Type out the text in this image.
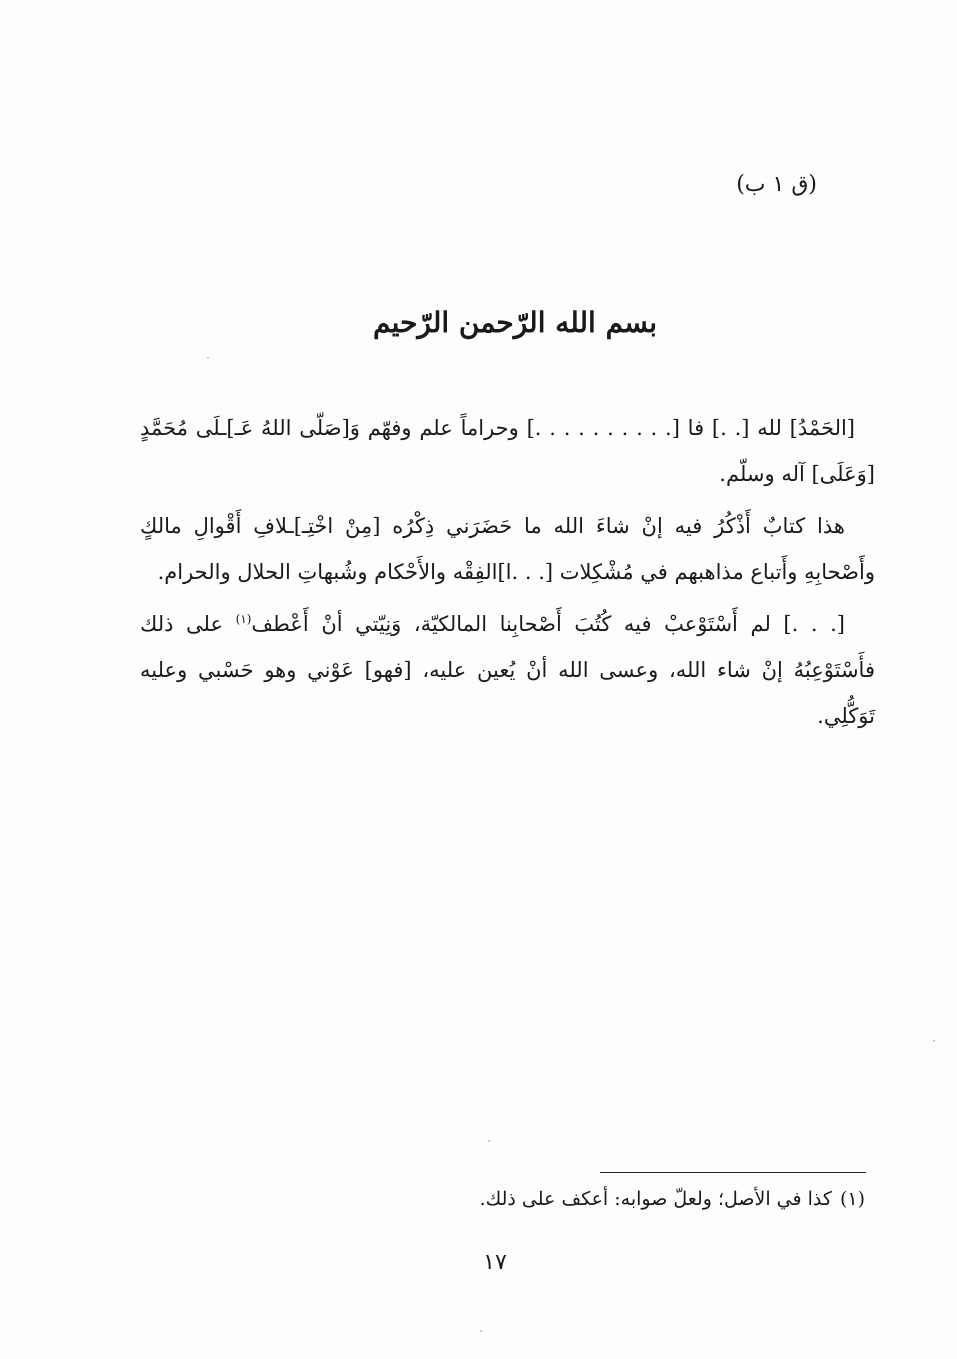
(ق ١ ب)
بسم الله الرّحمن الرّحيم

[الحَمْدُ] لله [. .] فا [. . . . . . . . . .] وحراماً علم وفهّم وَ[صَلّى اللهُ عَـ]ـلَى مُحَمَّدٍ [وَعَلَى] آله وسلّم.

هذا كتابٌ أَذْكُرُ فيه إنْ شاءَ الله ما حَضَرَني ذِكْرُه [مِنْ اخْتِـ]ـلافِ أَقْوالِ مالكٍ وأَصْحابِهِ وأَتباع مذاهبهم في مُشْكِلات [. . .ا]الفِقْه والأَحْكام وشُبهاتِ الحلال والحرام.

[. . .] لم أَسْتَوْعبْ فيه كُتُبَ أَصْحابِنا المالكيّة، وَنِيّتي أنْ أَعْطف$^{(١)}$ على ذلك فأَسْتَوْعِبُهُ إنْ شاء الله، وعسى الله أنْ يُعين عليه، [فهو] عَوْني وهو حَسْبي وعليه تَوَكُّلِي.

(١)كذا في الأصل؛ ولعلّ صوابه: أعكف على ذلك.
١٧
